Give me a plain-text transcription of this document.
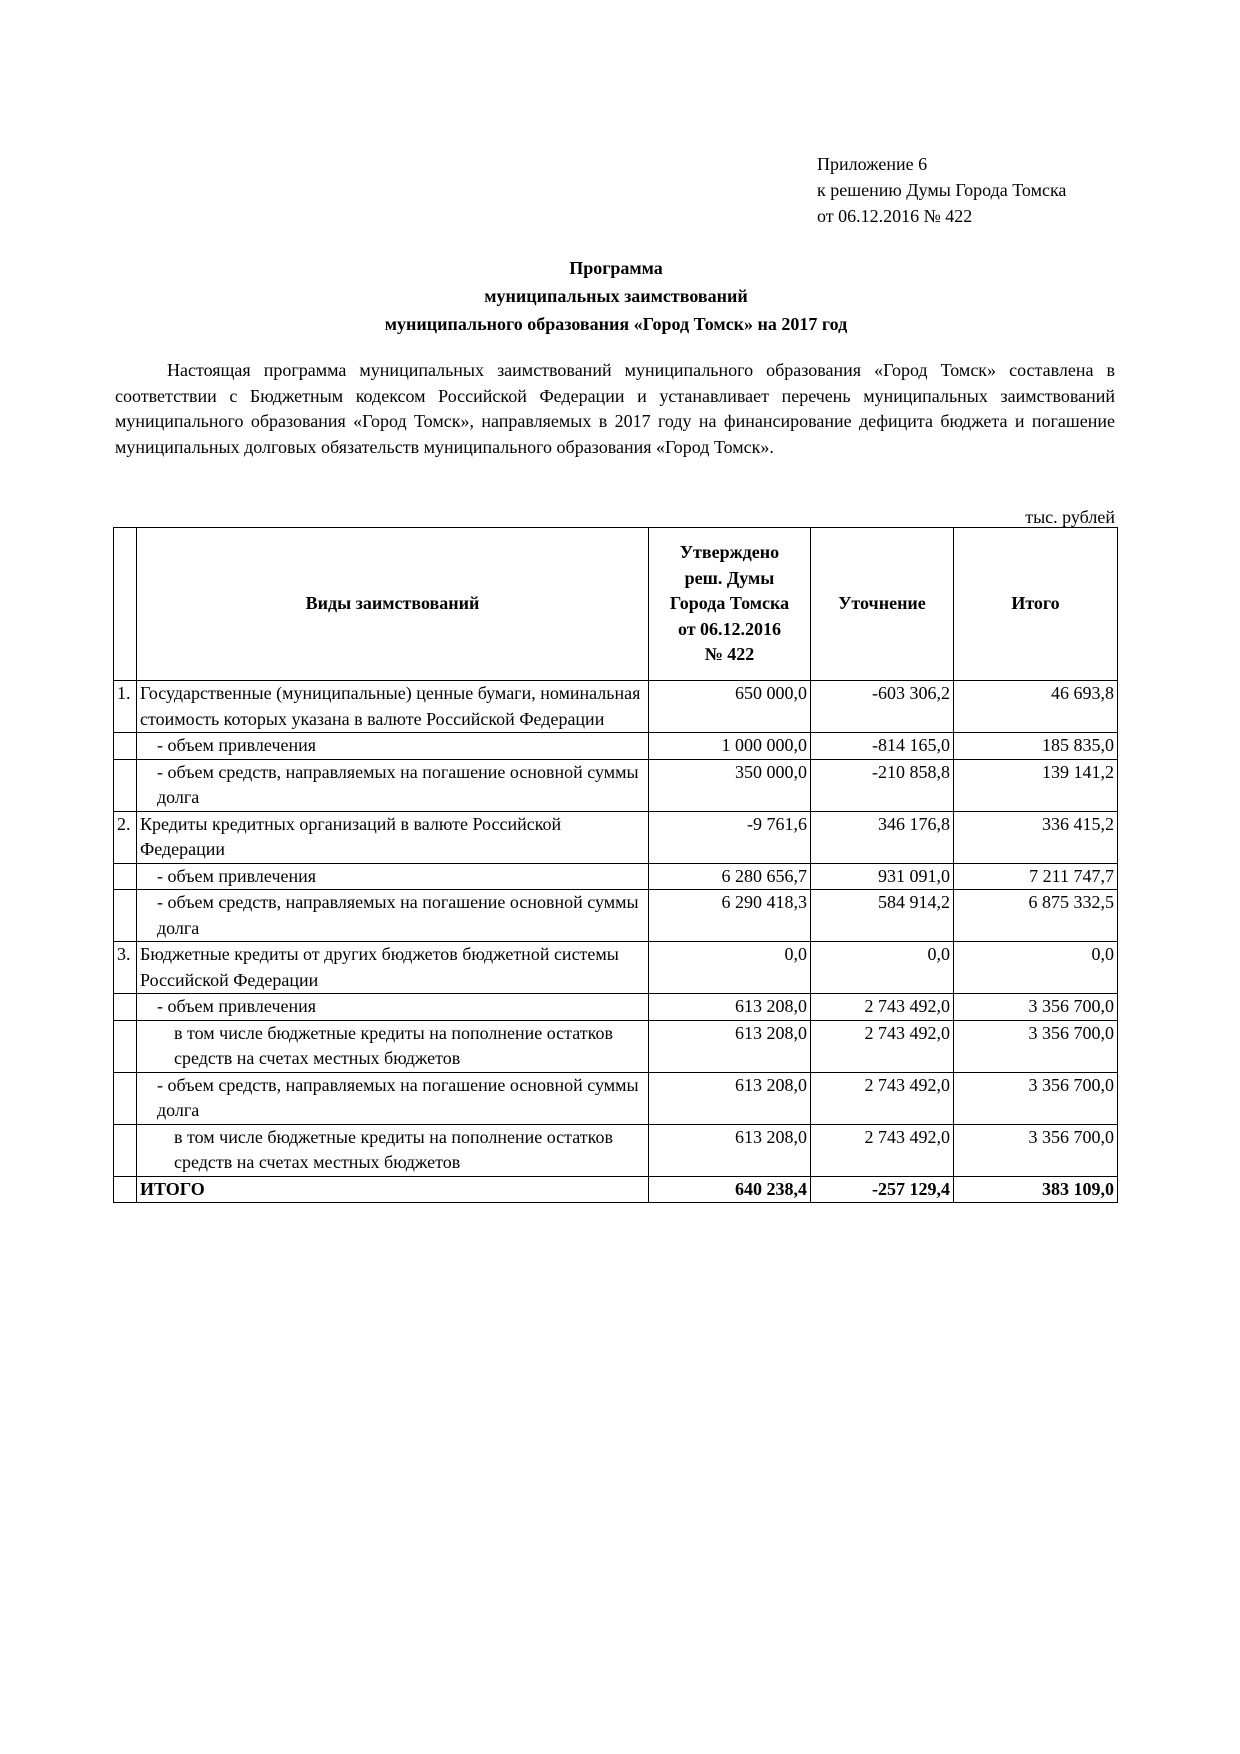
Приложение 6
к решению Думы Города Томска
от 06.12.2016 № 422
Программа
муниципальных заимствований
муниципального образования «Город Томск» на 2017 год
Настоящая программа муниципальных заимствований муниципального образования «Город Томск» составлена в соответствии с Бюджетным кодексом Российской Федерации и устанавливает перечень муниципальных заимствований муниципального образования «Город Томск», направляемых в 2017 году на финансирование дефицита бюджета и погашение муниципальных долговых обязательств муниципального образования «Город Томск».
тыс. рублей
	Виды заимствований	Утверждено
реш. Думы
Города Томска
от 06.12.2016
№ 422	Уточнение	Итого
1.	Государственные (муниципальные) ценные бумаги, номинальная стоимость которых указана в валюте Российской Федерации	650 000,0	-603 306,2	46 693,8
	- объем привлечения	1 000 000,0	-814 165,0	185 835,0
	- объем средств, направляемых на погашение основной суммы долга	350 000,0	-210 858,8	139 141,2
2.	Кредиты кредитных организаций в валюте Российской Федерации	-9 761,6	346 176,8	336 415,2
	- объем привлечения	6 280 656,7	931 091,0	7 211 747,7
	- объем средств, направляемых на погашение основной суммы долга	6 290 418,3	584 914,2	6 875 332,5
3.	Бюджетные кредиты от других бюджетов бюджетной системы Российской Федерации	0,0	0,0	0,0
	- объем привлечения	613 208,0	2 743 492,0	3 356 700,0
	в том числе бюджетные кредиты на пополнение остатков средств на счетах местных бюджетов	613 208,0	2 743 492,0	3 356 700,0
	- объем средств, направляемых на погашение основной суммы долга	613 208,0	2 743 492,0	3 356 700,0
	в том числе бюджетные кредиты на пополнение остатков средств на счетах местных бюджетов	613 208,0	2 743 492,0	3 356 700,0
	ИТОГО	640 238,4	-257 129,4	383 109,0
